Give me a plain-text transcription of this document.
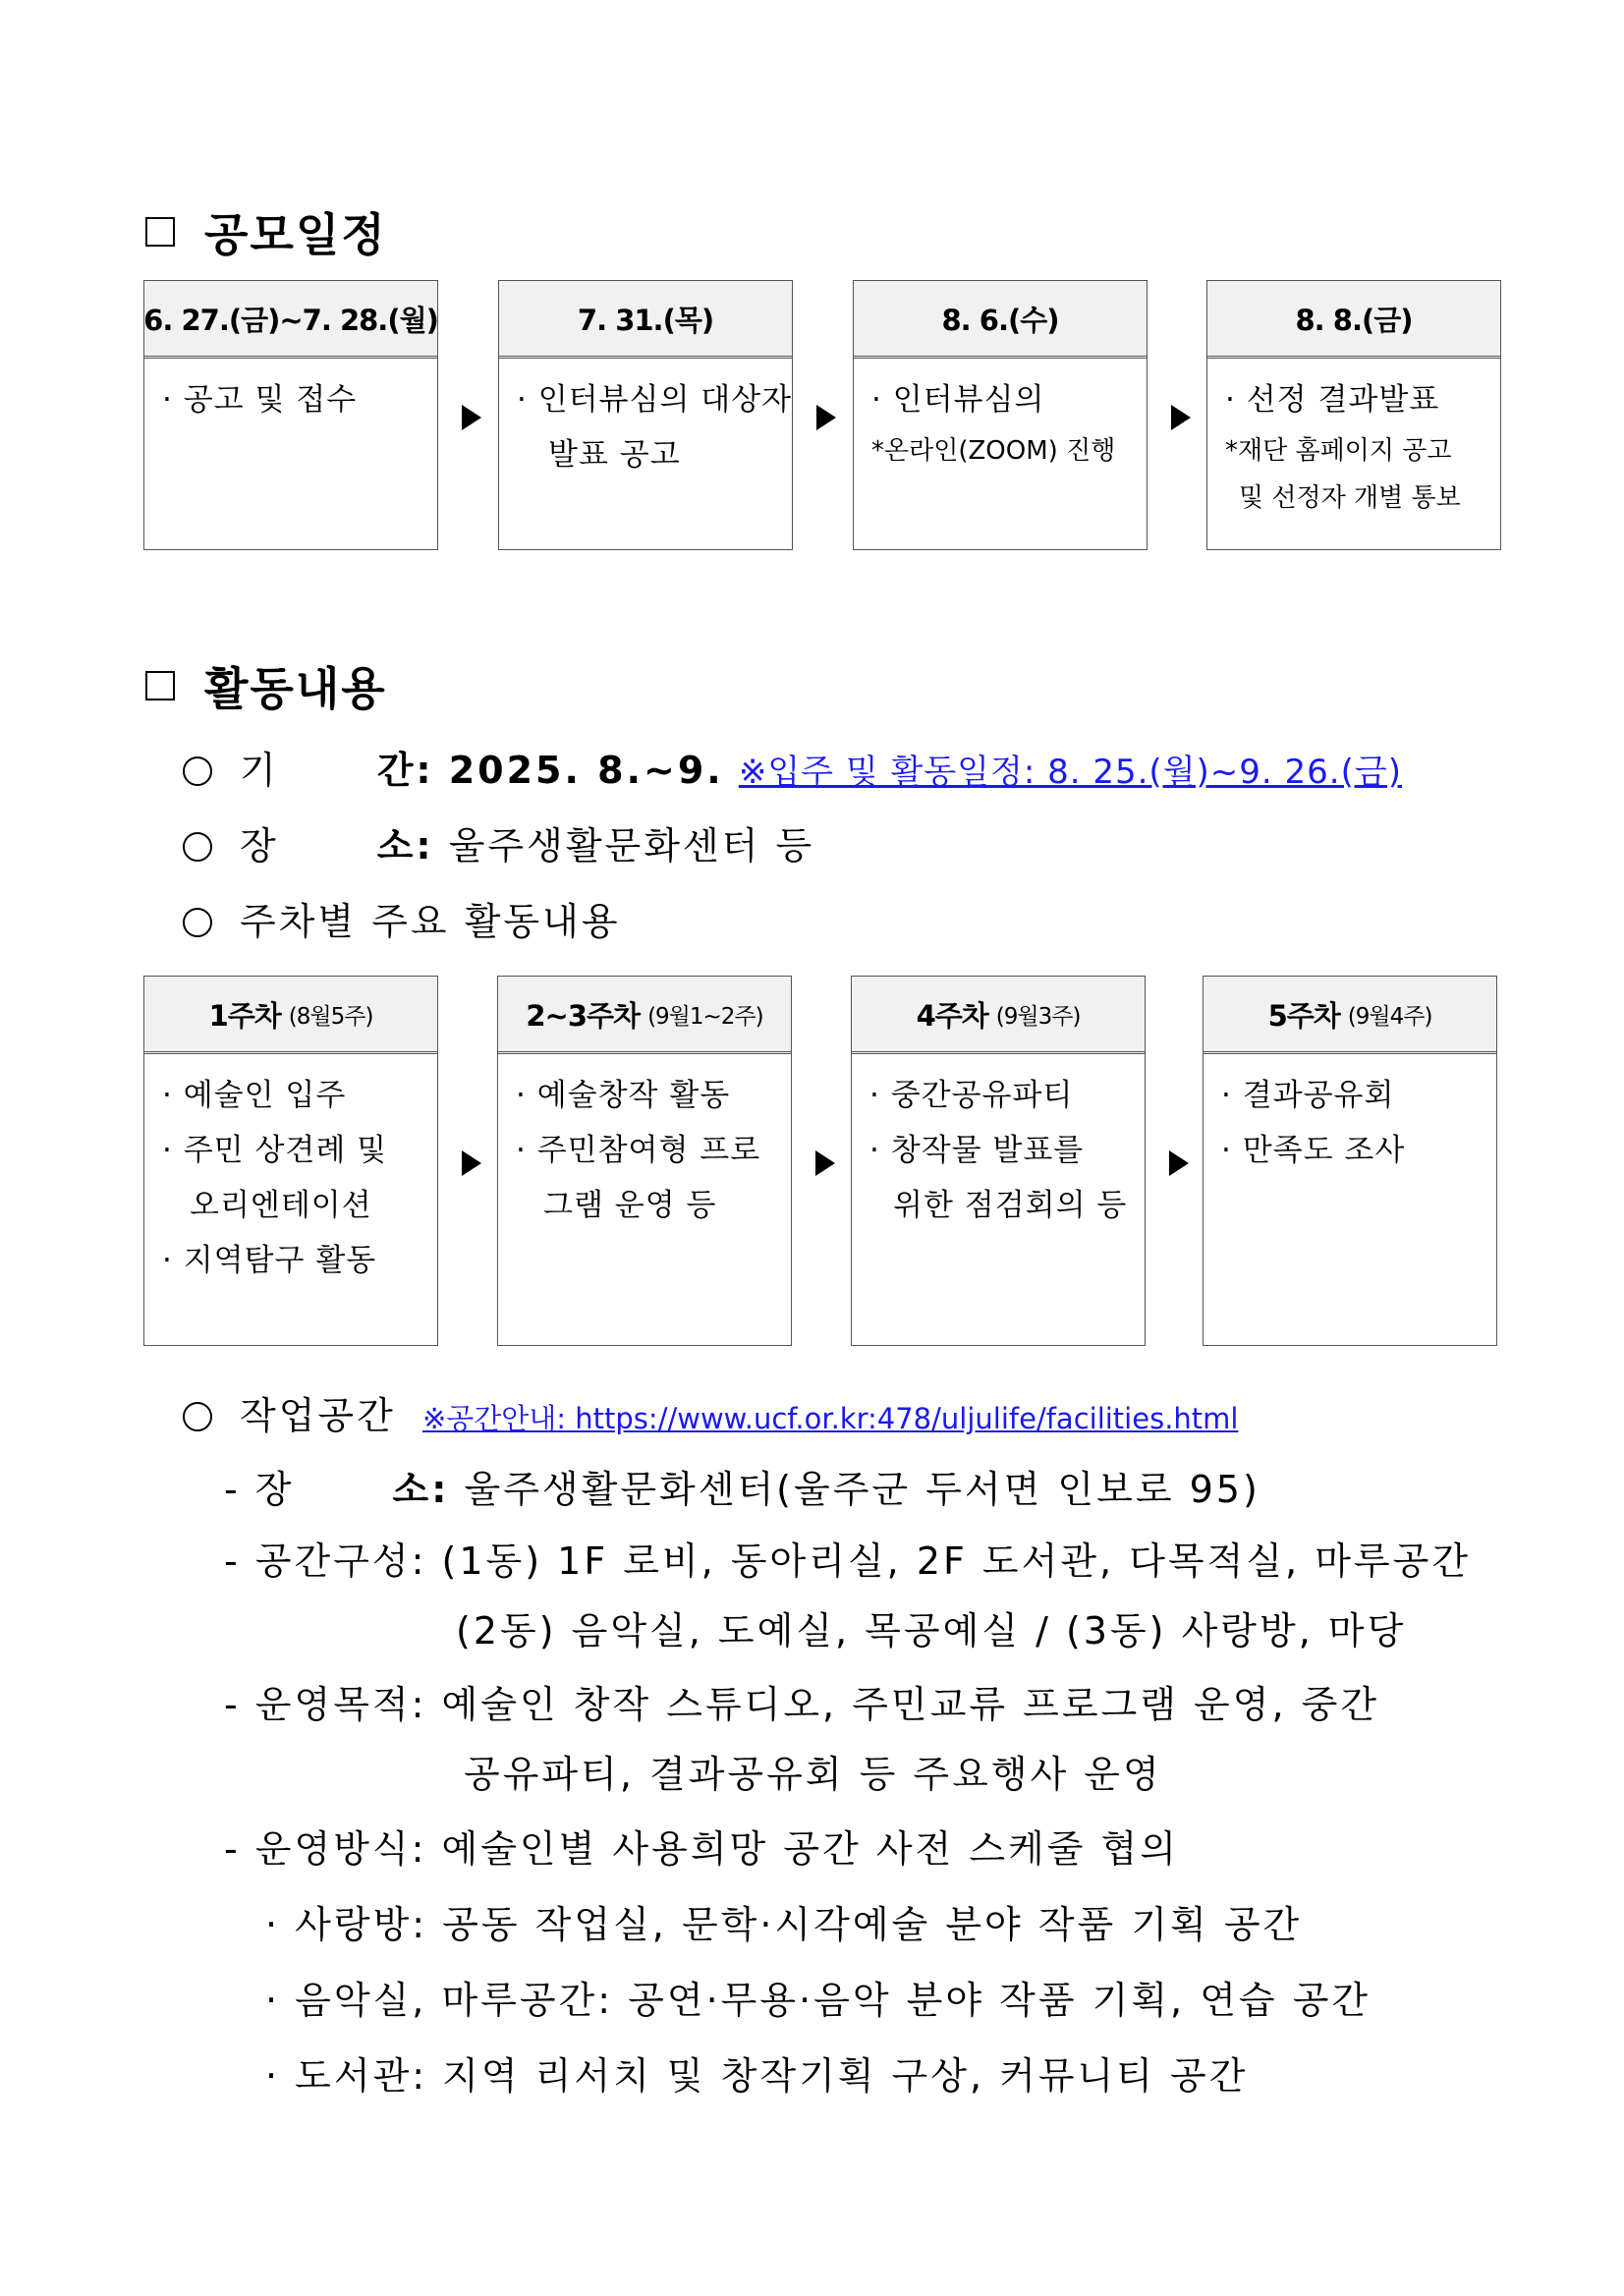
공모일정
6. 27.(금)~7. 28.(월)
· 공고 및 접수
7. 31.(목)
· 인터뷰심의 대상자
발표 공고
8. 6.(수)
· 인터뷰심의
*온라인(ZOOM) 진행
8. 8.(금)
· 선정 결과발표
*재단 홈페이지 공고
및 선정자 개별 통보
활동내용
기	간: 2025. 8.~9. ※입주 및 활동일정: 8. 25.(월)~9. 26.(금)
장	소: 울주생활문화센터 등
주차별 주요 활동내용
1주차 (8월5주)
· 예술인 입주
· 주민 상견례 및
오리엔테이션
· 지역탐구 활동
2~3주차 (9월1~2주)
· 예술창작 활동
· 주민참여형 프로
그램 운영 등
4주차 (9월3주)
· 중간공유파티
· 창작물 발표를
위한 점검회의 등
5주차 (9월4주)
· 결과공유회
· 만족도 조사
작업공간 ※공간안내: https://www.ucf.or.kr:478/uljulife/facilities.html
- 장	소: 울주생활문화센터(울주군 두서면 인보로 95)
- 공간구성: (1동) 1F 로비, 동아리실, 2F 도서관, 다목적실, 마루공간
(2동) 음악실, 도예실, 목공예실 / (3동) 사랑방, 마당
- 운영목적: 예술인 창작 스튜디오, 주민교류 프로그램 운영, 중간
공유파티, 결과공유회 등 주요행사 운영
- 운영방식: 예술인별 사용희망 공간 사전 스케줄 협의
· 사랑방: 공동 작업실, 문학·시각예술 분야 작품 기획 공간
· 음악실, 마루공간: 공연·무용·음악 분야 작품 기획, 연습 공간
· 도서관: 지역 리서치 및 창작기획 구상, 커뮤니티 공간
